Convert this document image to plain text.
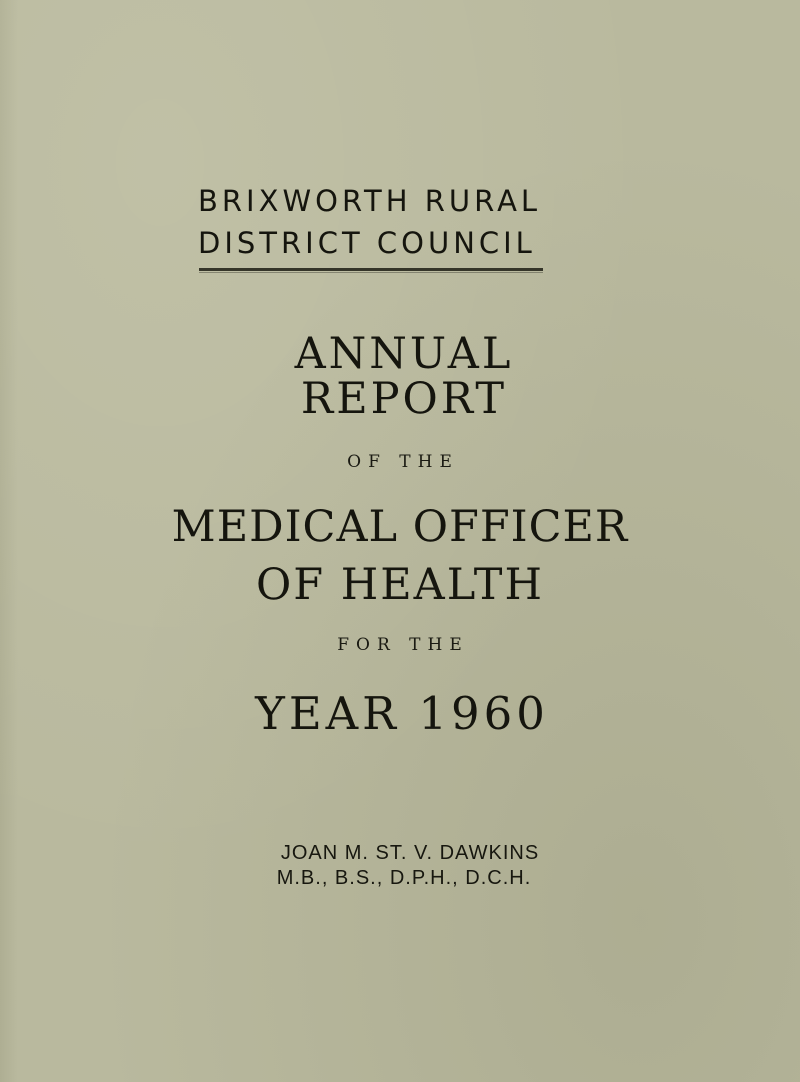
BRIXWORTH RURAL
DISTRICT COUNCIL
ANNUAL
REPORT
OF THE
MEDICAL OFFICER
OF HEALTH
FOR THE
YEAR 1960
JOAN M. ST. V. DAWKINS
M.B., B.S., D.P.H., D.C.H.
